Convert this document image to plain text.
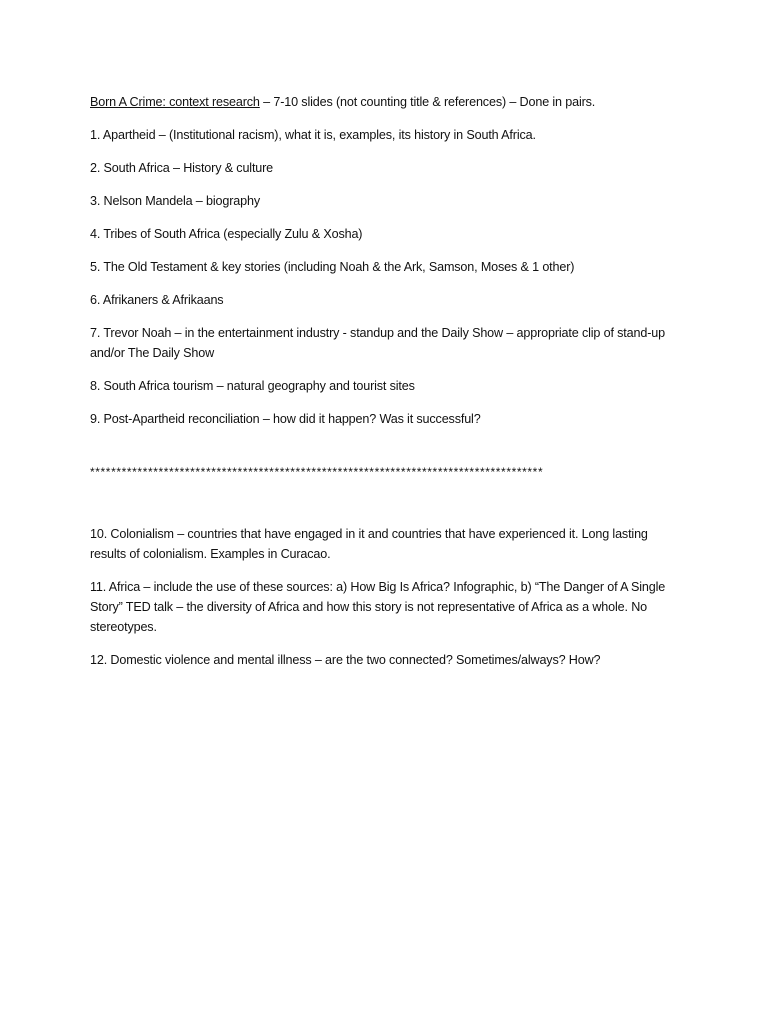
Born A Crime: context research – 7-10 slides (not counting title & references) – Done in pairs.

1. Apartheid – (Institutional racism), what it is, examples, its history in South Africa.

2. South Africa – History & culture

3. Nelson Mandela – biography

4. Tribes of South Africa (especially Zulu & Xosha)

5. The Old Testament & key stories (including Noah & the Ark, Samson, Moses & 1 other)

6. Afrikaners & Afrikaans

7. Trevor Noah – in the entertainment industry - standup and the Daily Show – appropriate clip of stand-up and/or The Daily Show

8. South Africa tourism – natural geography and tourist sites

9. Post-Apartheid reconciliation – how did it happen? Was it successful?

**************************************************************************************

10. Colonialism – countries that have engaged in it and countries that have experienced it. Long lasting results of colonialism. Examples in Curacao.

11. Africa – include the use of these sources: a) How Big Is Africa? Infographic, b) “The Danger of A Single Story” TED talk – the diversity of Africa and how this story is not representative of Africa as a whole. No stereotypes.

12. Domestic violence and mental illness – are the two connected? Sometimes/always? How?
